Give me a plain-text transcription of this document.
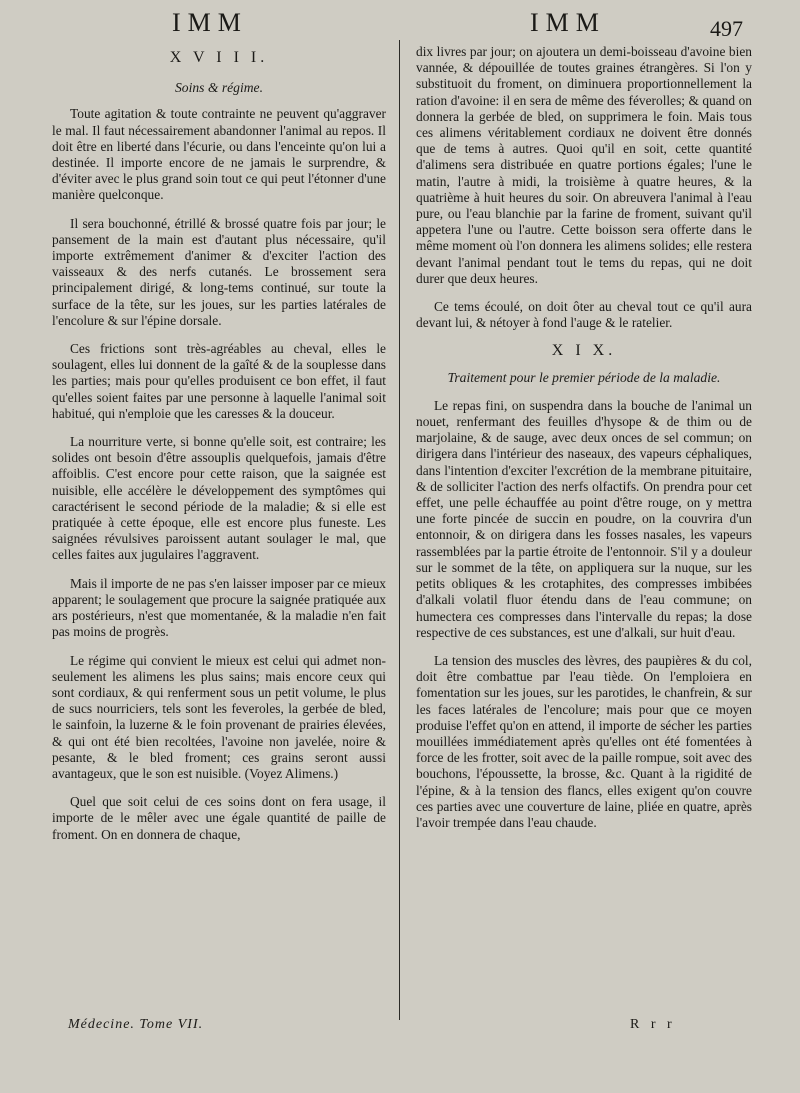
IMM	IMM	497
X V I I I.
Soins & régime.

Toute agitation & toute contrainte ne peuvent qu'aggraver le mal. Il faut nécessairement abandonner l'animal au repos. Il doit être en liberté dans l'écurie, ou dans l'enceinte qu'on lui a destinée. Il importe encore de ne jamais le surprendre, & d'éviter avec le plus grand soin tout ce qui peut l'étonner d'une manière quelconque.

Il sera bouchonné, étrillé & brossé quatre fois par jour; le pansement de la main est d'autant plus nécessaire, qu'il importe extrêmement d'animer & d'exciter l'action des vaisseaux & des nerfs cutanés. Le brossement sera principalement dirigé, & long-tems continué, sur toute la surface de la tête, sur les joues, sur les parties latérales de l'encolure & sur l'épine dorsale.

Ces frictions sont très-agréables au cheval, elles le soulagent, elles lui donnent de la gaîté & de la souplesse dans les parties; mais pour qu'elles produisent ce bon effet, il faut qu'elles soient faites par une personne à laquelle l'animal soit habitué, qui n'emploie que les caresses & la douceur.

La nourriture verte, si bonne qu'elle soit, est contraire; les solides ont besoin d'être assouplis quelquefois, jamais d'être affoiblis. C'est encore pour cette raison, que la saignée est nuisible, elle accélère le développement des symptômes qui caractérisent le second période de la maladie; & si elle est pratiquée à cette époque, elle est encore plus funeste. Les saignées révulsives paroissent autant soulager le mal, que celles faites aux jugulaires l'aggravent.

Mais il importe de ne pas s'en laisser imposer par ce mieux apparent; le soulagement que procure la saignée pratiquée aux ars postérieurs, n'est que momentanée, & la maladie n'en fait pas moins de progrès.

Le régime qui convient le mieux est celui qui admet non-seulement les alimens les plus sains; mais encore ceux qui sont cordiaux, & qui renferment sous un petit volume, le plus de sucs nourriciers, tels sont les feveroles, la gerbée de bled, le sainfoin, la luzerne & le foin provenant de prairies élevées, & qui ont été bien recoltées, l'avoine non javelée, noire & pesante, & le bled froment; ces grains seront aussi avantageux, que le son est nuisible. (Voyez Alimens.)

Quel que soit celui de ces soins dont on fera usage, il importe de le mêler avec une égale quantité de paille de froment. On en donnera de chaque,

dix livres par jour; on ajoutera un demi-boisseau d'avoine bien vannée, & dépouillée de toutes graines étrangères. Si l'on y substituoit du froment, on diminuera proportionnellement la ration d'avoine: il en sera de même des féverolles; & quand on donnera la gerbée de bled, on supprimera le foin. Mais tous ces alimens véritablement cordiaux ne doivent être donnés que de tems à autres. Quoi qu'il en soit, cette quantité d'alimens sera distribuée en quatre portions égales; l'une le matin, l'autre à midi, la troisième à quatre heures, & la quatrième à huit heures du soir. On abreuvera l'animal à l'eau pure, ou l'eau blanchie par la farine de froment, suivant qu'il appetera l'une ou l'autre. Cette boisson sera offerte dans le même moment où l'on donnera les alimens solides; elle restera devant l'animal pendant tout le tems du repas, qui ne doit durer que deux heures.

Ce tems écoulé, on doit ôter au cheval tout ce qu'il aura devant lui, & nétoyer à fond l'auge & le ratelier.

X I X.
Traitement pour le premier période de la maladie.

Le repas fini, on suspendra dans la bouche de l'animal un nouet, renfermant des feuilles d'hysope & de thim ou de marjolaine, & de sauge, avec deux onces de sel commun; on dirigera dans l'intérieur des naseaux, des vapeurs céphaliques, dans l'intention d'exciter l'excrétion de la membrane pituitaire, & de solliciter l'action des nerfs olfactifs. On prendra pour cet effet, une pelle échauffée au point d'être rouge, on y mettra une forte pincée de succin en poudre, on la couvrira d'un entonnoir, & on dirigera dans les fosses nasales, les vapeurs rassemblées par la partie étroite de l'entonnoir. S'il y a douleur sur le sommet de la tête, on appliquera sur la nuque, sur les petits obliques & les crotaphites, des compresses imbibées d'alkali volatil fluor étendu dans de l'eau commune; on humectera ces compresses dans l'intervalle du repas; la dose respective de ces substances, est une d'alkali, sur huit d'eau.

La tension des muscles des lèvres, des paupières & du col, doit être combattue par l'eau tiède. On l'emploiera en fomentation sur les joues, sur les parotides, le chanfrein, & sur les faces latérales de l'encolure; mais pour que ce moyen produise l'effet qu'on en attend, il importe de sécher les parties mouillées immédiatement après qu'elles ont été fomentées à force de les frotter, soit avec de la paille rompue, soit avec des bouchons, l'époussette, la brosse, &c. Quant à la rigidité de l'épine, & à la tension des flancs, elles exigent qu'on couvre ces parties avec une couverture de laine, pliée en quatre, après l'avoir trempée dans l'eau chaude.

Médecine. Tome VII.	R r r
